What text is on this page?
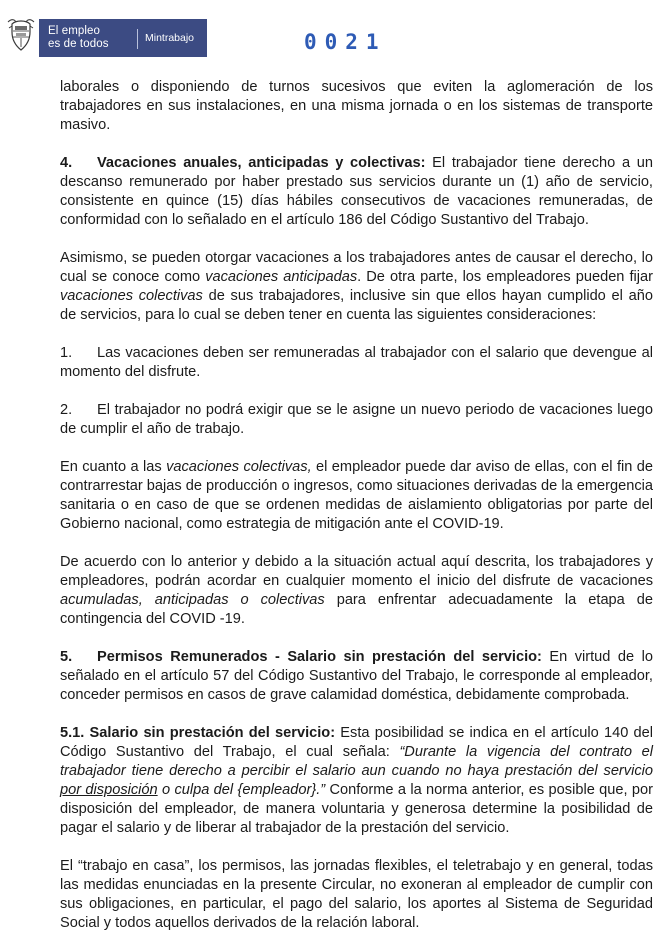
El empleo
es de todos	Mintrabajo	0021

laborales o disponiendo de turnos sucesivos que eviten la aglomeración de los trabajadores en sus instalaciones, en una misma jornada o en los sistemas de transporte masivo.

4. Vacaciones anuales, anticipadas y colectivas: El trabajador tiene derecho a un descanso remunerado por haber prestado sus servicios durante un (1) año de servicio, consistente en quince (15) días hábiles consecutivos de vacaciones remuneradas, de conformidad con lo señalado en el artículo 186 del Código Sustantivo del Trabajo.

Asimismo, se pueden otorgar vacaciones a los trabajadores antes de causar el derecho, lo cual se conoce como vacaciones anticipadas. De otra parte, los empleadores pueden fijar vacaciones colectivas de sus trabajadores, inclusive sin que ellos hayan cumplido el año de servicios, para lo cual se deben tener en cuenta las siguientes consideraciones:

1. Las vacaciones deben ser remuneradas al trabajador con el salario que devengue al momento del disfrute.

2. El trabajador no podrá exigir que se le asigne un nuevo periodo de vacaciones luego de cumplir el año de trabajo.

En cuanto a las vacaciones colectivas, el empleador puede dar aviso de ellas, con el fin de contrarrestar bajas de producción o ingresos, como situaciones derivadas de la emergencia sanitaria o en caso de que se ordenen medidas de aislamiento obligatorias por parte del Gobierno nacional, como estrategia de mitigación ante el COVID-19.

De acuerdo con lo anterior y debido a la situación actual aquí descrita, los trabajadores y empleadores, podrán acordar en cualquier momento el inicio del disfrute de vacaciones acumuladas, anticipadas o colectivas para enfrentar adecuadamente la etapa de contingencia del COVID -19.

5. Permisos Remunerados - Salario sin prestación del servicio: En virtud de lo señalado en el artículo 57 del Código Sustantivo del Trabajo, le corresponde al empleador, conceder permisos en casos de grave calamidad doméstica, debidamente comprobada.

5.1. Salario sin prestación del servicio: Esta posibilidad se indica en el artículo 140 del Código Sustantivo del Trabajo, el cual señala: “Durante la vigencia del contrato el trabajador tiene derecho a percibir el salario aun cuando no haya prestación del servicio por disposición o culpa del {empleador}.” Conforme a la norma anterior, es posible que, por disposición del empleador, de manera voluntaria y generosa determine la posibilidad de pagar el salario y de liberar al trabajador de la prestación del servicio.

El “trabajo en casa”, los permisos, las jornadas flexibles, el teletrabajo y en general, todas las medidas enunciadas en la presente Circular, no exoneran al empleador de cumplir con sus obligaciones, en particular, el pago del salario, los aportes al Sistema de Seguridad Social y todos aquellos derivados de la relación laboral.
